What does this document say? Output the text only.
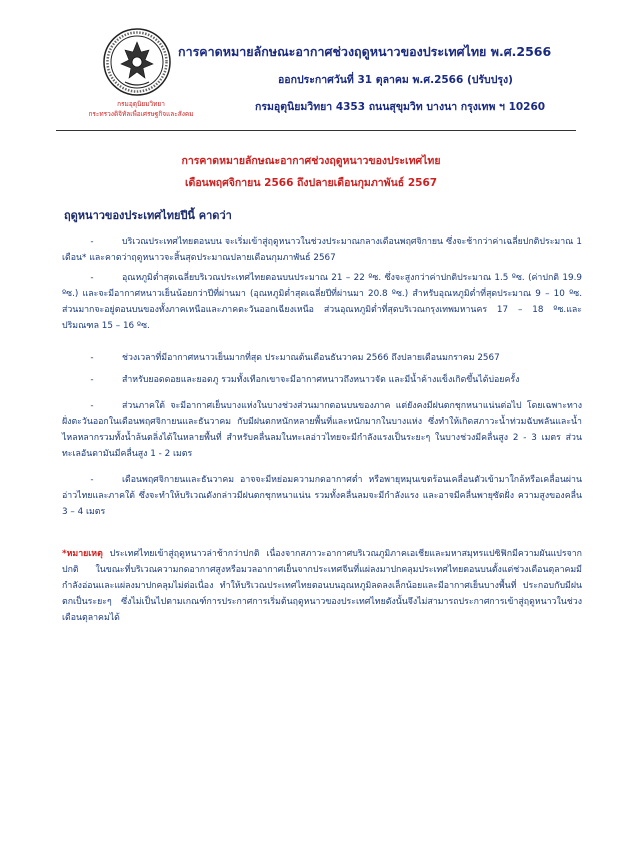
กรมอุตุนิยมวิทยา
กระทรวงดิจิทัลเพื่อเศรษฐกิจและสังคม
การคาดหมายลักษณะอากาศช่วงฤดูหนาวของประเทศไทย พ.ศ.2566
ออกประกาศวันที่ 31 ตุลาคม พ.ศ.2566 (ปรับปรุง)
กรมอุตุนิยมวิทยา 4353 ถนนสุขุมวิท บางนา กรุงเทพ ฯ 10260
การคาดหมายลักษณะอากาศช่วงฤดูหนาวของประเทศไทย
เดือนพฤศจิกายน 2566 ถึงปลายเดือนกุมภาพันธ์ 2567
ฤดูหนาวของประเทศไทยปีนี้ คาดว่า
-	บริเวณประเทศไทยตอนบน จะเริ่มเข้าสู่ฤดูหนาวในช่วงประมาณกลางเดือนพฤศจิกายน ซึ่งจะช้ากว่าค่าเฉลี่ยปกติประมาณ 1 เดือน* และคาดว่าฤดูหนาวจะสิ้นสุดประมาณปลายเดือนกุมภาพันธ์ 2567
-	อุณหภูมิต่ำสุดเฉลี่ยบริเวณประเทศไทยตอนบนประมาณ 21 – 22 ºซ. ซึ่งจะสูงกว่าค่าปกติประมาณ 1.5 ºซ. (ค่าปกติ 19.9 ºซ.) และจะมีอากาศหนาวเย็นน้อยกว่าปีที่ผ่านมา (อุณหภูมิต่ำสุดเฉลี่ยปีที่ผ่านมา 20.8 ºซ.) สำหรับอุณหภูมิต่ำที่สุดประมาณ 9 – 10 ºซ. ส่วนมากจะอยู่ตอนบนของทั้งภาคเหนือและภาคตะวันออกเฉียงเหนือ ส่วนอุณหภูมิต่ำที่สุดบริเวณกรุงเทพมหานคร 17 – 18 ºซ.และปริมณฑล 15 – 16 ºซ.
-	ช่วงเวลาที่มีอากาศหนาวเย็นมากที่สุด ประมาณต้นเดือนธันวาคม 2566 ถึงปลายเดือนมกราคม 2567
-	สำหรับยอดดอยและยอดภู รวมทั้งเทือกเขาจะมีอากาศหนาวถึงหนาวจัด และมีน้ำค้างแข็งเกิดขึ้นได้บ่อยครั้ง
-	ส่วนภาคใต้ จะมีอากาศเย็นบางแห่งในบางช่วงส่วนมากตอนบนของภาค แต่ยังคงมีฝนตกชุกหนาแน่นต่อไป โดยเฉพาะทางฝั่งตะวันออกในเดือนพฤศจิกายนและธันวาคม กับมีฝนตกหนักหลายพื้นที่และหนักมากในบางแห่ง ซึ่งทำให้เกิดสภาวะน้ำท่วมฉับพลันและน้ำไหลหลากรวมทั้งน้ำล้นตลิ่งได้ในหลายพื้นที่ สำหรับคลื่นลมในทะเลอ่าวไทยจะมีกำลังแรงเป็นระยะๆ ในบางช่วงมีคลื่นสูง 2 - 3 เมตร ส่วนทะเลอันดามันมีคลื่นสูง 1 - 2 เมตร
-	เดือนพฤศจิกายนและธันวาคม อาจจะมีหย่อมความกดอากาศต่ำ หรือพายุหมุนเขตร้อนเคลื่อนตัวเข้ามาใกล้หรือเคลื่อนผ่านอ่าวไทยและภาคใต้ ซึ่งจะทำให้บริเวณดังกล่าวมีฝนตกชุกหนาแน่น รวมทั้งคลื่นลมจะมีกำลังแรง และอาจมีคลื่นพายุซัดฝั่ง ความสูงของคลื่น 3 – 4 เมตร
*หมายเหตุ ประเทศไทยเข้าสู่ฤดูหนาวล่าช้ากว่าปกติ เนื่องจากสภาวะอากาศบริเวณภูมิภาคเอเชียและมหาสมุทรแปซิฟิกมีความผันแปรจากปกติ ในขณะที่บริเวณความกดอากาศสูงหรือมวลอากาศเย็นจากประเทศจีนที่แผ่ลงมาปกคลุมประเทศไทยตอนบนตั้งแต่ช่วงเดือนตุลาคมมีกำลังอ่อนและแผ่ลงมาปกคลุมไม่ต่อเนื่อง ทำให้บริเวณประเทศไทยตอนบนอุณหภูมิลดลงเล็กน้อยและมีอากาศเย็นบางพื้นที่ ประกอบกับมีฝนตกเป็นระยะๆ ซึ่งไม่เป็นไปตามเกณฑ์การประกาศการเริ่มต้นฤดูหนาวของประเทศไทยดังนั้นจึงไม่สามารถประกาศการเข้าสู่ฤดูหนาวในช่วงเดือนตุลาคมได้
